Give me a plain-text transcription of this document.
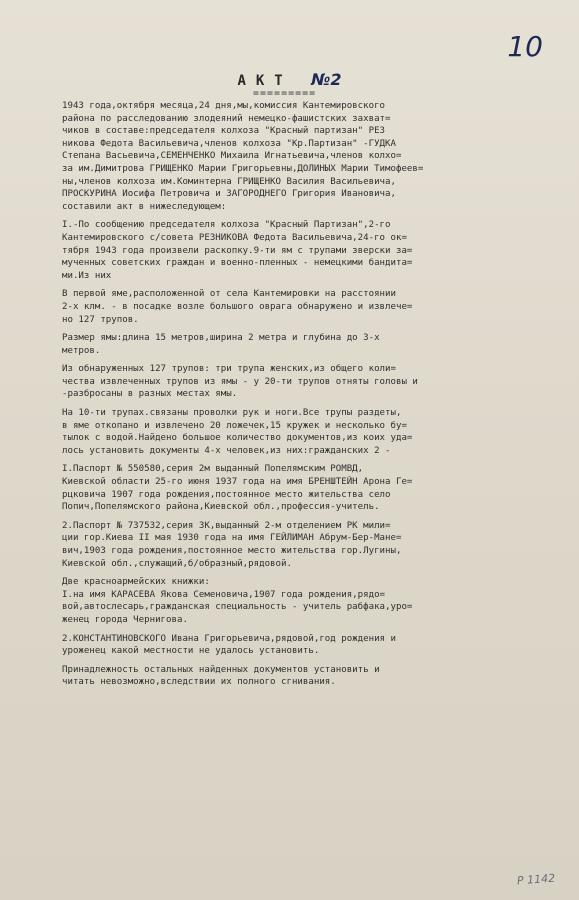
10
АКТ №2
=========
1943 года,октября месяца,24 дня,мы,комиссия Кантемировского
района по расследованию злодеяний немецко-фашистских захват=
чиков в составе:председателя колхоза "Красный партизан" РЕЗ
никова Федота Васильевича,членов колхоза "Кр.Партизан" -ГУДКА
Степана Васьевича,СЕМЕНЧЕНКО Михаила Игнатьевича,членов колхо=
за им.Димитрова ГРИЩЕНКО Марии Григорьевны,ДОЛИНЫХ Марии Тимофеев=
ны,членов колхоза им.Коминтерна ГРИЩЕНКО Василия Васильевича,
ПРОСКУРИНА Иосифа Петровича и ЗАГОРОДНЕГО Григория Ивановича,
составили акт в нижеследующем:
I.-По сообщению председателя колхоза "Красный Партизан",2-го
Кантемировского с/совета РЕЗНИКОВА Федота Васильевича,24-го ок=
тября 1943 года произвели раскопку.9-ти ям с трупами зверски за=
мученных советских граждан и военно-пленных - немецкими бандита=
ми.Из них
В первой яме,расположенной от села Кантемировки на расстоянии
2-х клм. - в посадке возле большого оврага обнаружено и извлече=
но 127 трупов.
Размер ямы:длина 15 метров,ширина 2 метра и глубина до 3-х
метров.
Из обнаруженных 127 трупов: три трупа женских,из общего коли=
чества извлеченных трупов из ямы - у 20-ти трупов отняты головы и
-разбросаны в разных местах ямы.
На 10-ти трупах.связаны проволки рук и ноги.Все трупы раздеты,
в яме откопано и извлечено 20 ложечек,15 кружек и несколько бу=
тылок с водой.Найдено большое количество документов,из коих уда=
лось установить документы 4-х человек,из них:гражданских 2 -
I.Паспорт № 550580,серия 2м выданный Попелямским РОМВД,
Киевской области 25-го июня 1937 года на имя БРЕНШТЕЙН Арона Ге=
рцковича 1907 года рождения,постоянное место жительства село
Попич,Попелямского района,Киевской обл.,профессия-учитель.
2.Паспорт № 737532,серия 3К,выданный 2-м отделением РК мили=
ции гор.Киева II мая 1930 года на имя ГЕЙЛИМАН Абрум-Бер-Мане=
вич,1903 года рождения,постоянное место жительства гор.Лугины,
Киевской обл.,служащий,б/образный,рядовой.
Две красноармейских книжки:
I.на имя КАРАСЕВА Якова Семеновича,1907 года рождения,рядо=
вой,автослесарь,гражданская специальность - учитель рабфака,уро=
женец города Чернигова.
2.КОНСТАНТИНОВСКОГО Ивана Григорьевича,рядовой,год рождения и
уроженец какой местности не удалось установить.
Принадлежность остальных найденных документов установить и
читать невозможно,вследствии их полного сгнивания.
Р 1142
